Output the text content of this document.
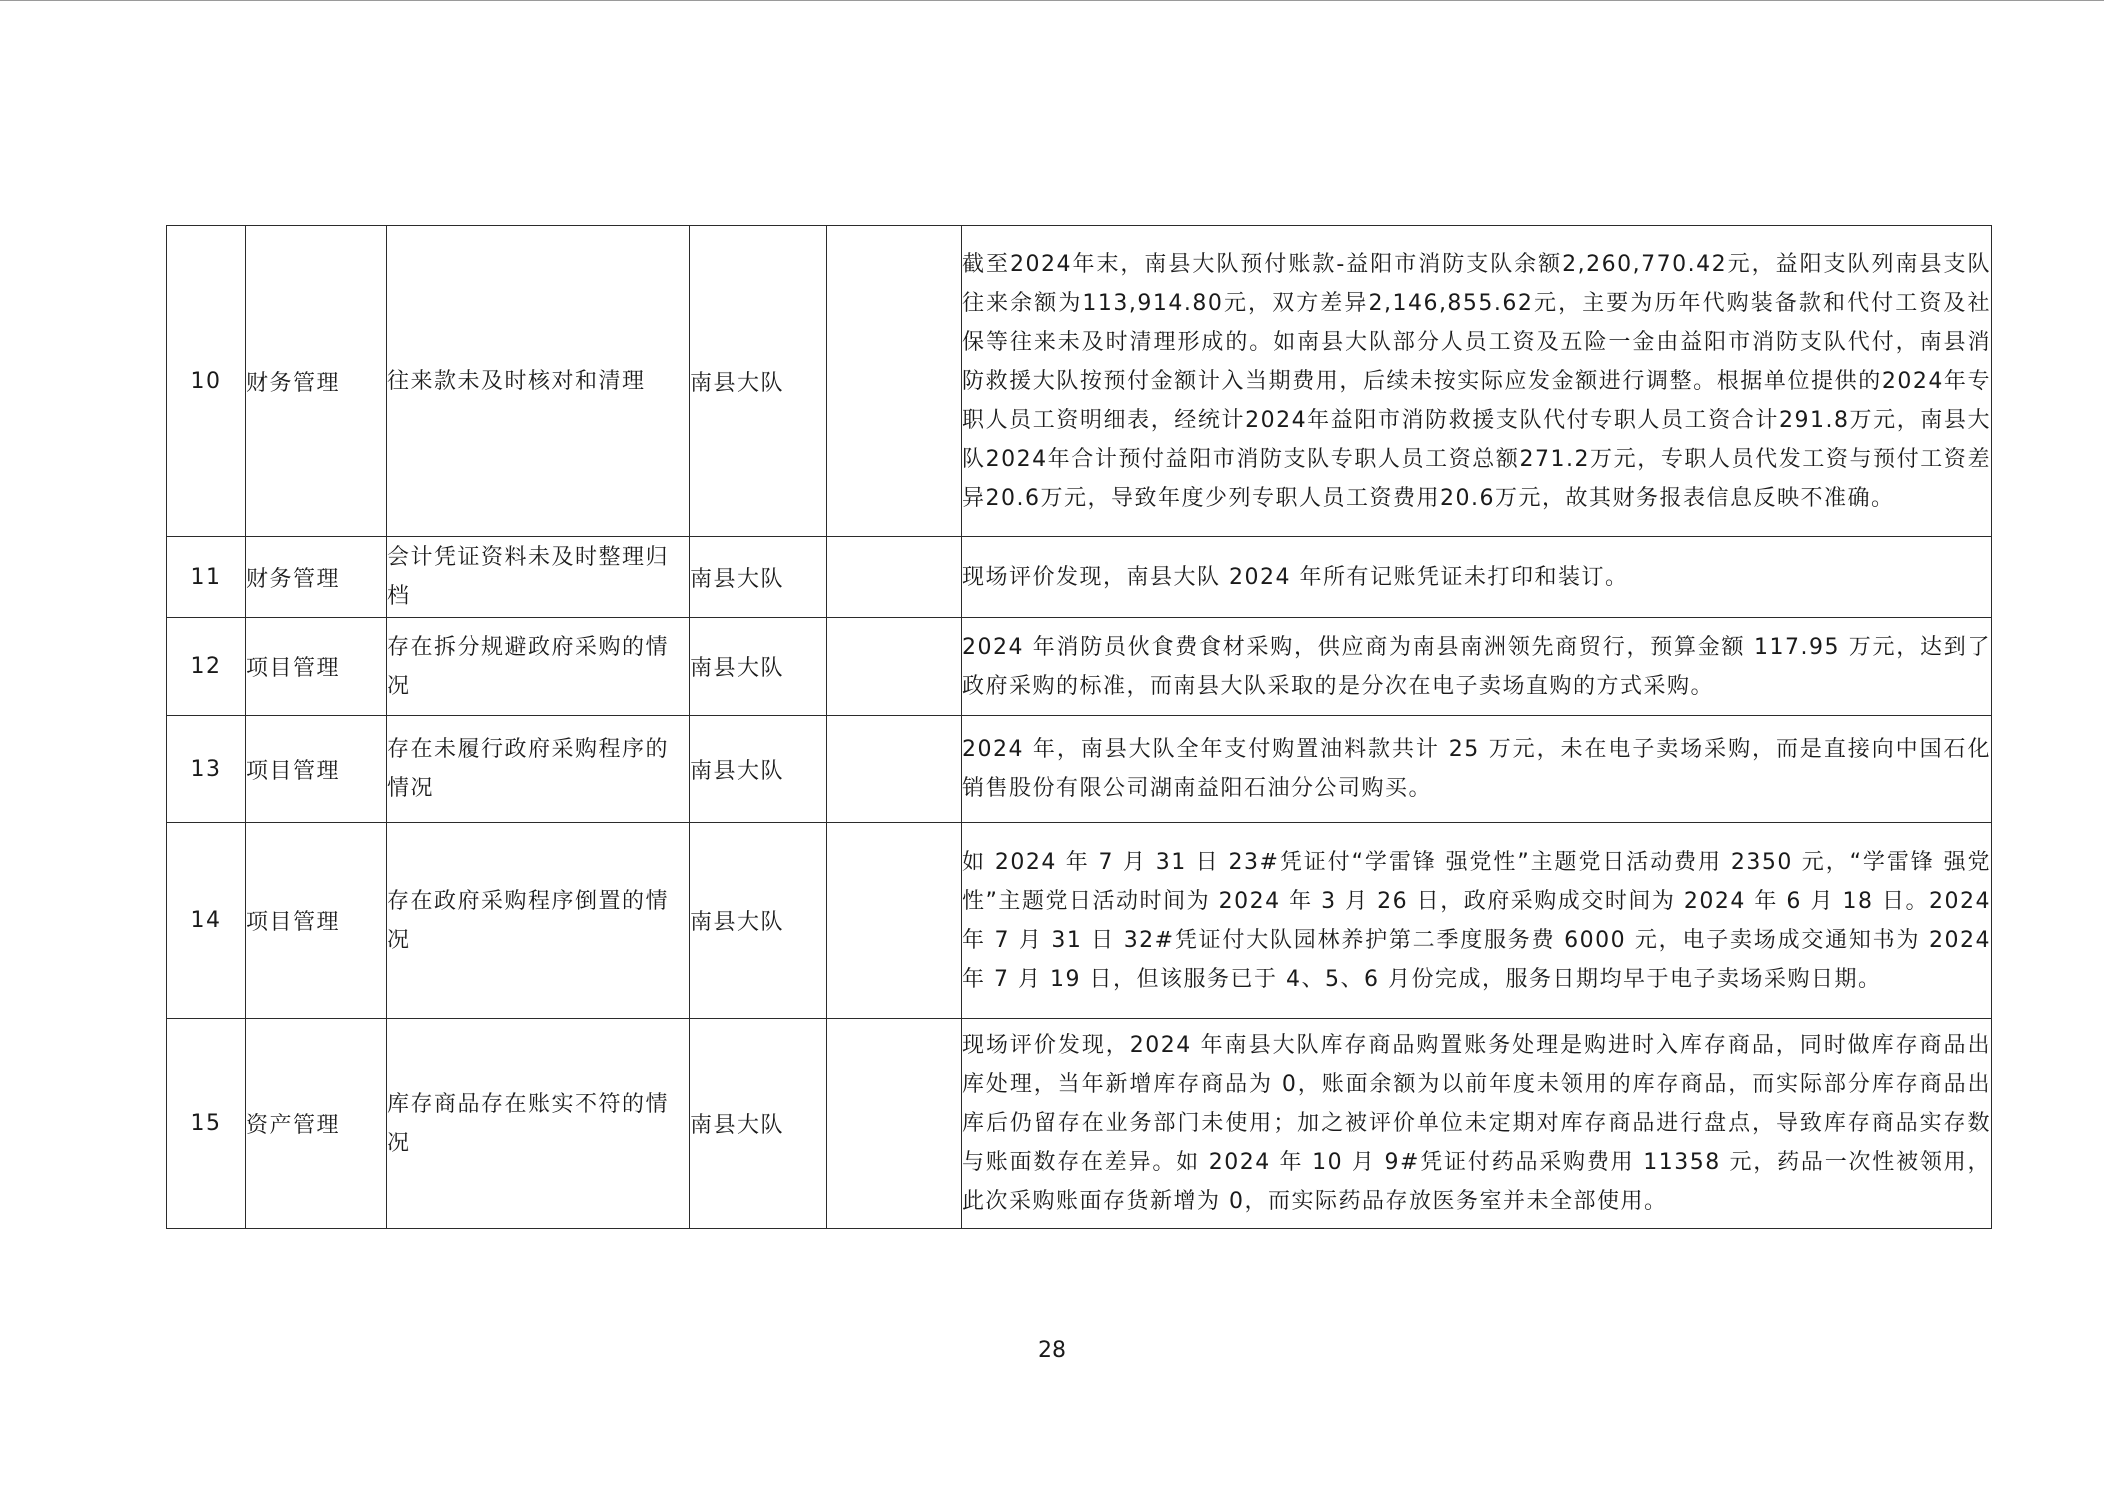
10	财务管理	往来款未及时核对和清理	南县大队		截至2024年末，南县大队预付账款-益阳市消防支队余额2,260,770.42元，益阳支队列南县支队往来余额为113,914.80元，双方差异2,146,855.62元，主要为历年代购装备款和代付工资及社保等往来未及时清理形成的。如南县大队部分人员工资及五险一金由益阳市消防支队代付，南县消防救援大队按预付金额计入当期费用，后续未按实际应发金额进行调整。根据单位提供的2024年专职人员工资明细表，经统计2024年益阳市消防救援支队代付专职人员工资合计291.8万元，南县大队2024年合计预付益阳市消防支队专职人员工资总额271.2万元，专职人员代发工资与预付工资差异20.6万元，导致年度少列专职人员工资费用20.6万元，故其财务报表信息反映不准确。
11	财务管理	会计凭证资料未及时整理归档	南县大队		现场评价发现，南县大队 2024 年所有记账凭证未打印和装订。
12	项目管理	存在拆分规避政府采购的情况	南县大队		2024 年消防员伙食费食材采购，供应商为南县南洲领先商贸行，预算金额 117.95 万元，达到了政府采购的标准，而南县大队采取的是分次在电子卖场直购的方式采购。
13	项目管理	存在未履行政府采购程序的情况	南县大队		2024 年，南县大队全年支付购置油料款共计 25 万元，未在电子卖场采购，而是直接向中国石化销售股份有限公司湖南益阳石油分公司购买。
14	项目管理	存在政府采购程序倒置的情况	南县大队		如 2024 年 7 月 31 日 23#凭证付“学雷锋 强党性”主题党日活动费用 2350 元，“学雷锋 强党性”主题党日活动时间为 2024 年 3 月 26 日，政府采购成交时间为 2024 年 6 月 18 日。2024 年 7 月 31 日 32#凭证付大队园林养护第二季度服务费 6000 元，电子卖场成交通知书为 2024 年 7 月 19 日，但该服务已于 4、5、6 月份完成，服务日期均早于电子卖场采购日期。
15	资产管理	库存商品存在账实不符的情况	南县大队		现场评价发现，2024 年南县大队库存商品购置账务处理是购进时入库存商品，同时做库存商品出库处理，当年新增库存商品为 0，账面余额为以前年度未领用的库存商品，而实际部分库存商品出库后仍留存在业务部门未使用；加之被评价单位未定期对库存商品进行盘点，导致库存商品实存数与账面数存在差异。如 2024 年 10 月 9#凭证付药品采购费用 11358 元，药品一次性被领用，此次采购账面存货新增为 0，而实际药品存放医务室并未全部使用。
28
